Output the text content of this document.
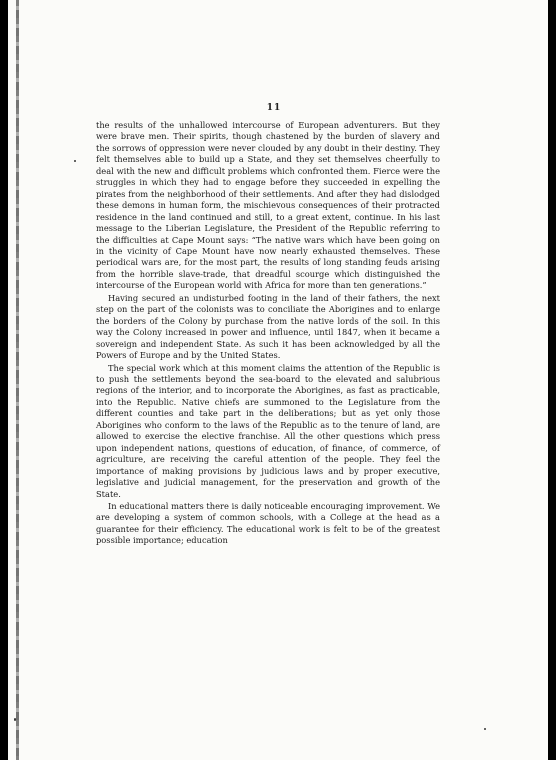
11

the results of the unhallowed intercourse of European adventurers. But they were brave men. Their spirits, though chastened by the burden of slavery and the sorrows of oppression were never clouded by any doubt in their destiny. They felt themselves able to build up a State, and they set themselves cheerfully to deal with the new and difficult problems which confronted them. Fierce were the struggles in which they had to engage before they succeeded in expelling the pirates from the neighborhood of their settlements. And after they had dislodged these demons in human form, the mischievous consequences of their protracted residence in the land continued and still, to a great extent, continue. In his last message to the Liberian Legislature, the President of the Republic referring to the difficulties at Cape Mount says: “The native wars which have been going on in the vicinity of Cape Mount have now nearly exhausted themselves. These periodical wars are, for the most part, the results of long standing feuds arising from the horrible slave-trade, that dreadful scourge which distinguished the intercourse of the European world with Africa for more than ten generations.”

Having secured an undisturbed footing in the land of their fathers, the next step on the part of the colonists was to conciliate the Aborigines and to enlarge the borders of the Colony by purchase from the native lords of the soil. In this way the Colony increased in power and influence, until 1847, when it became a sovereign and independent State. As such it has been acknowledged by all the Powers of Europe and by the United States.

The special work which at this moment claims the attention of the Republic is to push the settlements beyond the sea-board to the elevated and salubrious regions of the interior, and to incorporate the Aborigines, as fast as practicable, into the Republic. Native chiefs are summoned to the Legislature from the different counties and take part in the deliberations; but as yet only those Aborigines who conform to the laws of the Republic as to the tenure of land, are allowed to exercise the elective franchise. All the other questions which press upon independent nations, questions of education, of finance, of commerce, of agriculture, are receiving the careful attention of the people. They feel the importance of making provisions by judicious laws and by proper executive, legislative and judicial management, for the preservation and growth of the State.

In educational matters there is daily noticeable encouraging improvement. We are developing a system of common schools, with a College at the head as a guarantee for their efficiency. The educational work is felt to be of the greatest possible importance; education
